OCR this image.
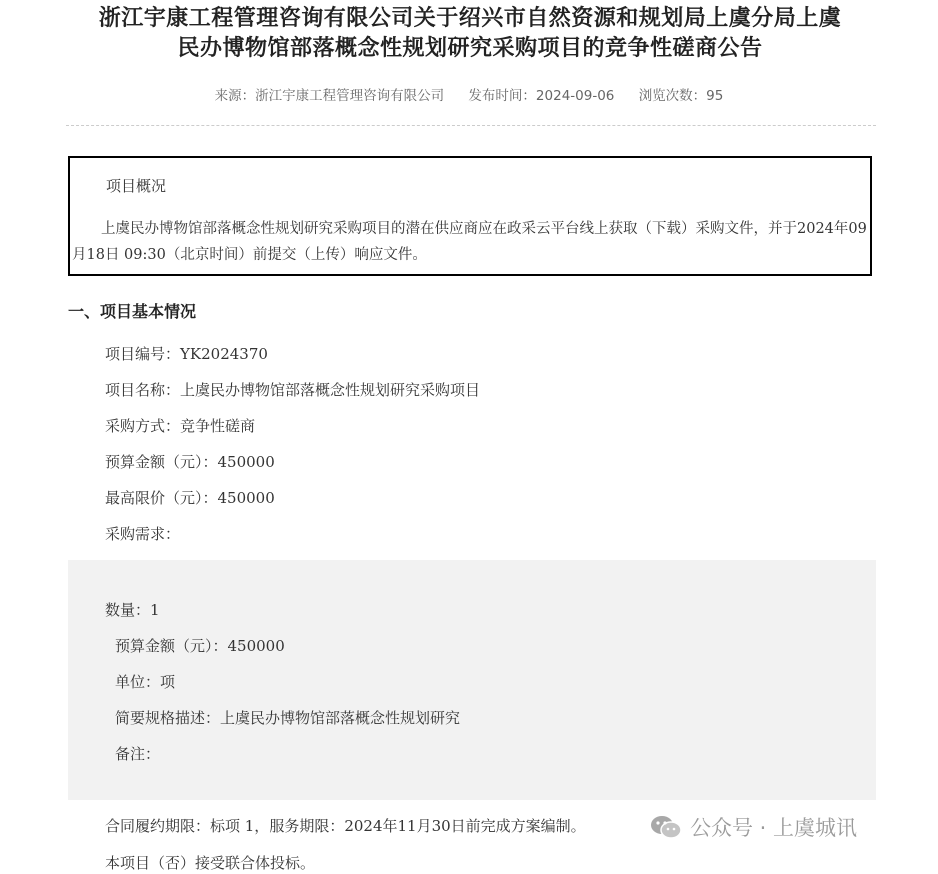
浙江宇康工程管理咨询有限公司关于绍兴市自然资源和规划局上虞分局上虞
民办博物馆部落概念性规划研究采购项目的竞争性磋商公告
来源：浙江宇康工程管理咨询有限公司 发布时间：2024-09-06 浏览次数：95
项目概况
上虞民办博物馆部落概念性规划研究采购项目的潜在供应商应在政采云平台线上获取（下载）采购文件，并于2024年09月18日 09:30（北京时间）前提交（上传）响应文件。
一、项目基本情况
项目编号：YK2024370
项目名称：上虞民办博物馆部落概念性规划研究采购项目
采购方式：竞争性磋商
预算金额（元）：450000
最高限价（元）：450000
采购需求：
数量：1
预算金额（元）：450000
单位：项
简要规格描述：上虞民办博物馆部落概念性规划研究
备注：
合同履约期限：标项 1，服务期限：2024年11月30日前完成方案编制。
本项目（否）接受联合体投标。
公众号 · 上虞城讯
